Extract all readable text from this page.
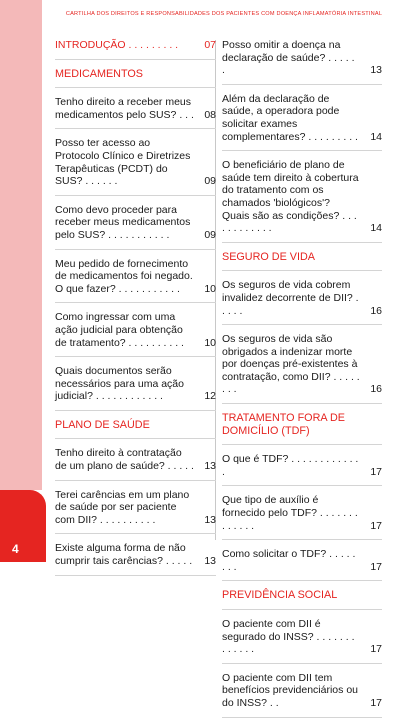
4
CARTILHA DOS DIREITOS E RESPONSABILIDADES DOS PACIENTES COM DOENÇA INFLAMATÓRIA INTESTINAL
INTRODUÇÃO . . . . . . . . . 07
MEDICAMENTOS
Tenho direito a receber meus medicamentos pelo SUS? . . . 08
Posso ter acesso ao Protocolo Clínico e Diretrizes Terapêuticas (PCDT) do SUS? . . . . . .	09
Como devo proceder para receber meus medicamentos pelo SUS? . . . . . . . . . . .	09
Meu pedido de fornecimento de medicamentos foi negado. O que fazer? . . . . . . . . . . .	10
Como ingressar com uma ação judicial para obtenção de tratamento? . . . . . . . . . .	10
Quais documentos serão necessários para uma ação judicial? . . . . . . . . . . . .	12
PLANO DE SAÚDE
Tenho direito à contratação de um plano de saúde? . . . . . 13
Terei carências em um plano de saúde por ser paciente com DII? . . . . . . . . . .	13
Existe alguma forma de não cumprir tais carências? . . . . .	13
Posso omitir a doença na declaração de saúde? . . . . . .	13
Além da declaração de saúde, a operadora pode solicitar exames complementares? . . . . . . . . .	14
O beneficiário de plano de saúde tem direito à cobertura do tratamento com os chamados 'biológicos'? Quais são as condições? . . . . . . . . . . . .	14
SEGURO DE VIDA
Os seguros de vida cobrem invalidez decorrente de DII? . . . . .	16
Os seguros de vida são obrigados a indenizar morte por doenças pré-existentes à contratação, como DII? . . . . . . . .	16
TRATAMENTO FORA DE DOMICÍLIO (TDF)
O que é TDF? . . . . . . . . . . . . .	17
Que tipo de auxílio é fornecido pelo TDF? . . . . . . . . . . . . .	17
Como solicitar o TDF? . . . . . . . .	17
PREVIDÊNCIA SOCIAL
O paciente com DII é segurado do INSS? . . . . . . . . . . . . .	17
O paciente com DII tem benefícios previdenciários ou do INSS? . .	17
